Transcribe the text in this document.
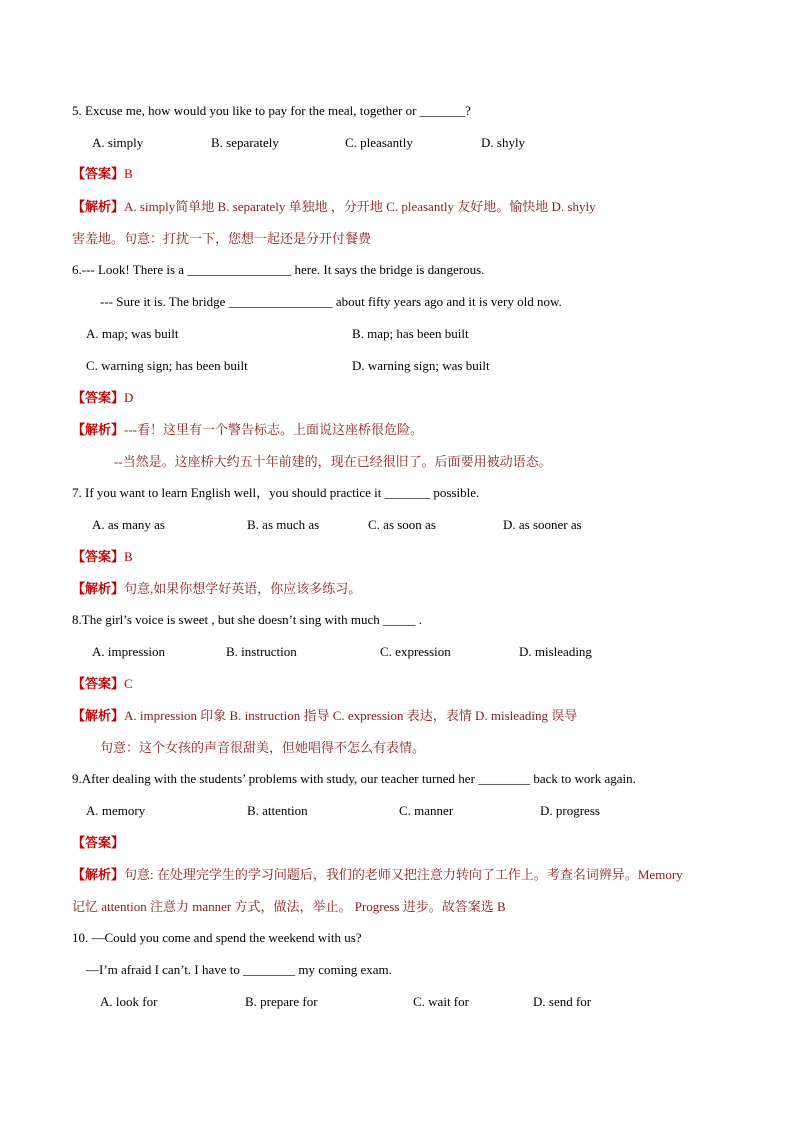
5. Excuse me, how would you like to pay for the meal, together or _______?
A. simply	B. separately	C. pleasantly	D. shyly
【答案】B
【解析】A. simply简单地 B. separately 单独地 ，分开地 C. pleasantly 友好地。愉快地 D. shyly
害羞地。句意：打扰一下，您想一起还是分开付餐费
6.--- Look! There is a ________________ here. It says the bridge is dangerous.
--- Sure it is. The bridge ________________ about fifty years ago and it is very old now.
A. map; was built	B. map; has been built
C. warning sign; has been built	D. warning sign; was built
【答案】D
【解析】---看！这里有一个警告标志。上面说这座桥很危险。
--当然是。这座桥大约五十年前建的，现在已经很旧了。后面要用被动语态。
7. If you want to learn English well，you should practice it _______ possible.
A. as many as	B. as much as	C. as soon as	D. as sooner as
【答案】B
【解析】句意,如果你想学好英语，你应该多练习。
8.The girl’s voice is sweet , but she doesn’t sing with much _____ .
A. impression	B. instruction	C. expression	D. misleading
【答案】C
【解析】A. impression 印象 B. instruction 指导 C. expression 表达，表情 D. misleading 误导
句意：这个女孩的声音很甜美，但她唱得不怎么有表情。
9.After dealing with the students’ problems with study, our teacher turned her ________ back to work again.
A. memory	B. attention	C. manner	D. progress
【答案】
【解析】句意: 在处理完学生的学习问题后，我们的老师又把注意力转向了工作上。考查名词辨异。Memory
记忆 attention 注意力 manner 方式，做法，举止。 Progress 进步。故答案选 B
10. —Could you come and spend the weekend with us?
—I’m afraid I can’t. I have to ________ my coming exam.
A. look for	B. prepare for	C. wait for	D. send for
